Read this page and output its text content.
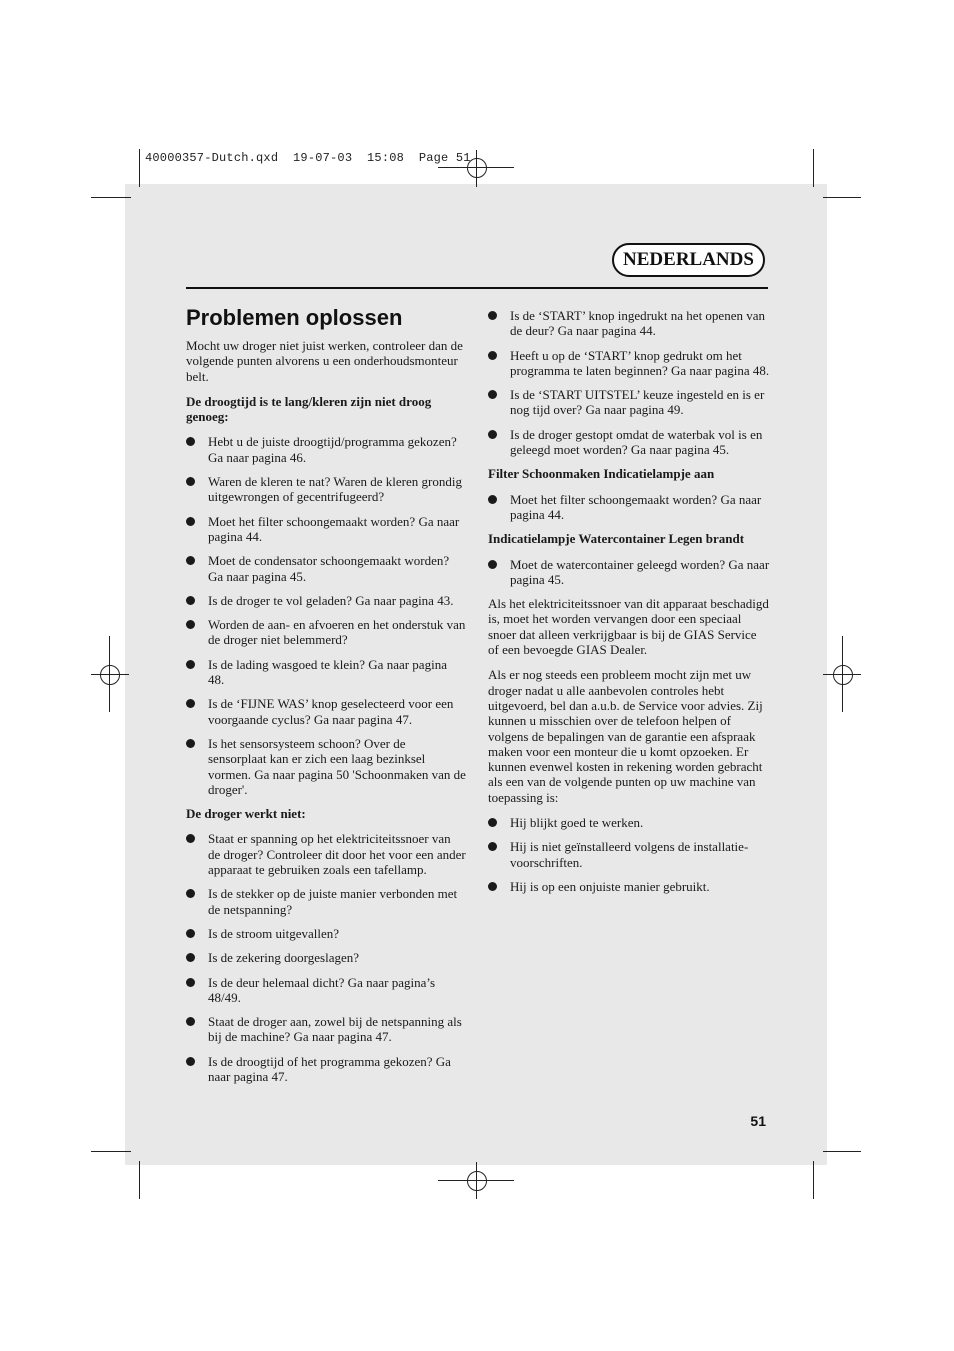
40000357-Dutch.qxd  19-07-03  15:08  Page 51
NEDERLANDS
Problemen oplossen

Mocht uw droger niet juist werken, controleer dan de volgende punten alvorens u een onderhoudsmonteur belt.

De droogtijd is te lang/kleren zijn niet droog genoeg:

Hebt u de juiste droogtijd/programma gekozen? Ga naar pagina 46.
Waren de kleren te nat? Waren de kleren grondig uitgewrongen of gecentrifugeerd?
Moet het filter schoongemaakt worden? Ga naar pagina 44.
Moet de condensator schoongemaakt worden? Ga naar pagina 45.
Is de droger te vol geladen? Ga naar pagina 43.
Worden de aan- en afvoeren en het onderstuk van de droger niet belemmerd?
Is de lading wasgoed te klein? Ga naar pagina 48.
Is de ‘FIJNE WAS’ knop geselecteerd voor een voorgaande cyclus? Ga naar pagina 47.
Is het sensorsysteem schoon? Over de sensorplaat kan er zich een laag bezinksel vormen. Ga naar pagina 50 'Schoonmaken van de droger'.

De droger werkt niet:

Staat er spanning op het elektriciteitssnoer van de droger? Controleer dit door het voor een ander apparaat te gebruiken zoals een tafellamp.
Is de stekker op de juiste manier verbonden met de netspanning?
Is de stroom uitgevallen?
Is de zekering doorgeslagen?
Is de deur helemaal dicht? Ga naar pagina’s 48/49.
Staat de droger aan, zowel bij de netspanning als bij de machine? Ga naar pagina 47.
Is de droogtijd of het programma gekozen? Ga naar pagina 47.
Is de ‘START’ knop ingedrukt na het openen van de deur? Ga naar pagina 44.
Heeft u op de ‘START’ knop gedrukt om het programma te laten beginnen? Ga naar pagina 48.
Is de ‘START UITSTEL’ keuze ingesteld en is er nog tijd over? Ga naar pagina 49.
Is de droger gestopt omdat de waterbak vol is en geleegd moet worden? Ga naar pagina 45.

Filter Schoonmaken Indicatielampje aan

Moet het filter schoongemaakt worden? Ga naar pagina 44.

Indicatielampje Watercontainer Legen brandt

Moet de watercontainer geleegd worden? Ga naar pagina 45.

Als het elektriciteitssnoer van dit apparaat beschadigd is, moet het worden vervangen door een speciaal snoer dat alleen verkrijgbaar is bij de GIAS Service of een bevoegde GIAS Dealer.

Als er nog steeds een probleem mocht zijn met uw droger nadat u alle aanbevolen controles hebt uitgevoerd, bel dan a.u.b. de Service voor advies. Zij kunnen u misschien over de telefoon helpen of volgens de bepalingen van de garantie een afspraak maken voor een monteur die u komt opzoeken. Er kunnen evenwel kosten in rekening worden gebracht als een van de volgende punten op uw machine van toepassing is:

Hij blijkt goed te werken.
Hij is niet geïnstalleerd volgens de installatie-voorschriften.
Hij is op een onjuiste manier gebruikt.
51
